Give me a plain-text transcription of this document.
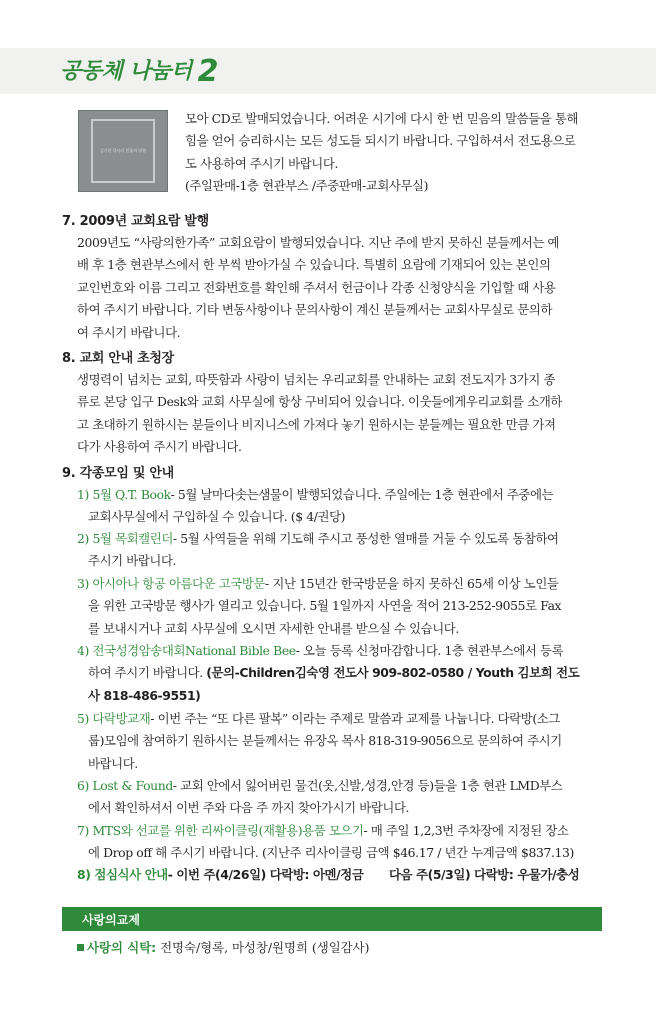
공동체 나눔터 2
김기현 목사의 믿음의 말씀
모아 CD로 발매되었습니다. 어려운 시기에 다시 한 번 믿음의 말씀들을 통해
힘을 얻어 승리하시는 모든 성도들 되시기 바랍니다. 구입하셔서 전도용으로
도 사용하여 주시기 바랍니다.
(주일판매-1층 현관부스 /주중판매-교회사무실)
7. 2009년 교회요람 발행
2009년도 “사랑의한가족” 교회요람이 발행되었습니다. 지난 주에 받지 못하신 분들께서는 예
배 후 1층 현관부스에서 한 부씩 받아가실 수 있습니다. 특별히 요람에 기재되어 있는 본인의
교인번호와 이름 그리고 전화번호를 확인해 주셔서 헌금이나 각종 신청양식을 기입할 때 사용
하여 주시기 바랍니다. 기타 변동사항이나 문의사항이 계신 분들께서는 교회사무실로 문의하
여 주시기 바랍니다.
8. 교회 안내 초청장
생명력이 넘치는 교회, 따뜻함과 사랑이 넘치는 우리교회를 안내하는 교회 전도지가 3가지 종
류로 본당 입구 Desk와 교회 사무실에 항상 구비되어 있습니다. 이웃들에게우리교회를 소개하
고 초대하기 원하시는 분들이나 비지니스에 가져다 놓기 원하시는 분들께는 필요한 만큼 가져
다가 사용하여 주시기 바랍니다.
9. 각종모임 및 안내
1) 5월 Q.T. Book- 5월 날마다솟는샘물이 발행되었습니다. 주일에는 1층 현관에서 주중에는
교회사무실에서 구입하실 수 있습니다. ($ 4/권당)
2) 5월 목회캘린더- 5월 사역들을 위해 기도해 주시고 풍성한 열매를 거둘 수 있도록 동참하여
주시기 바랍니다.
3) 아시아나 항공 아름다운 고국방문- 지난 15년간 한국방문을 하지 못하신 65세 이상 노인들
을 위한 고국방문 행사가 열리고 있습니다. 5월 1일까지 사연을 적어 213-252-9055로 Fax
를 보내시거나 교회 사무실에 오시면 자세한 안내를 받으실 수 있습니다.
4) 전국성경암송대회National Bible Bee- 오늘 등록 신청마감합니다. 1층 현관부스에서 등록
하여 주시기 바랍니다. (문의-Children김숙영 전도사 909-802-0580 / Youth 김보희 전도
사 818-486-9551)
5) 다락방교재- 이번 주는 “또 다른 팔복” 이라는 주제로 말씀과 교제를 나눕니다. 다락방(소그
룹)모임에 참여하기 원하시는 분들께서는 유장옥 목사 818-319-9056으로 문의하여 주시기
바랍니다.
6) Lost & Found- 교회 안에서 잃어버린 물건(옷,신발,성경,안경 등)들을 1층 현관 LMD부스
에서 확인하셔서 이번 주와 다음 주 까지 찾아가시기 바랍니다.
7) MTS와 선교를 위한 리싸이클링(재활용)용품 모으기- 매 주일 1,2,3번 주차장에 지정된 장소
에 Drop off 해 주시기 바랍니다. (지난주 리사이클링 금액 $46.17 / 년간 누계금액 $837.13)
8) 점심식사 안내- 이번 주(4/26일) 다락방: 아멘/정금 다음 주(5/3일) 다락방: 우물가/충성
사랑의교제
사랑의 식탁: 전명숙/형록, 마성창/원명희 (생일감사)
